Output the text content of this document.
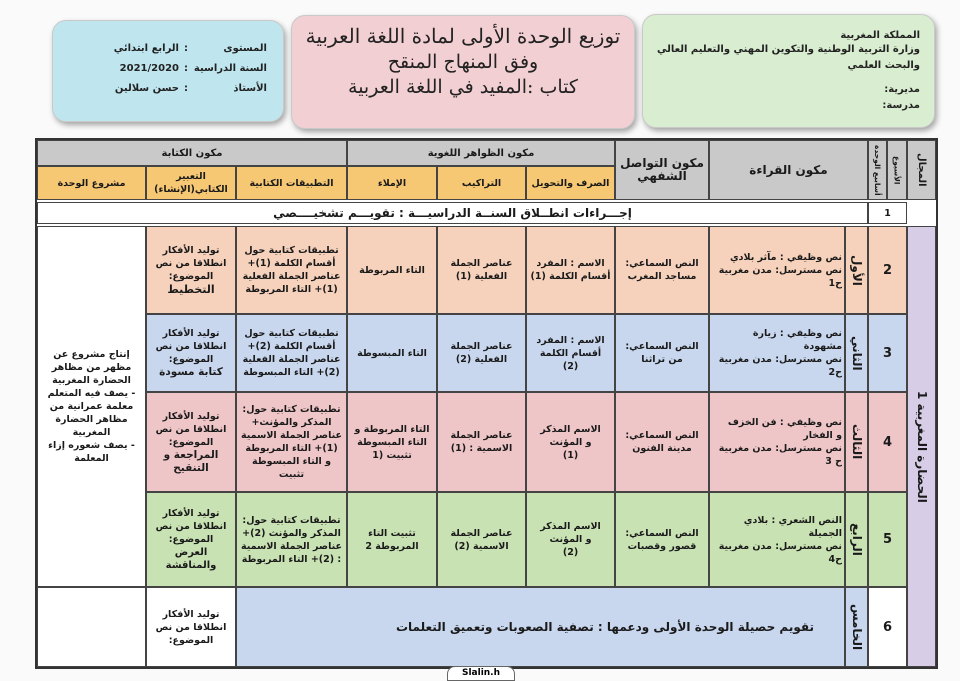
المستوى:الرابع ابتدائي
السنة الدراسية:2021/2020
الأستاذ:حسن سلالين
توزيع الوحدة الأولى لمادة اللغة العربية
وفق المنهاج المنقح
كتاب :المفيد في اللغة العربية
المملكة المغربية
وزارة التربية الوطنية والتكوين المهني والتعليم العالي
والبحث العلمي
مديرية:
مدرسة:
المجال
الأسبوع
أسابيع الوحدة
مكون القراءة
مكون التواصل الشفهي
مكون الظواهر اللغوية
مكون الكتابة
الصرف والتحويل
التراكيب
الإملاء
التطبيقات الكتابية
التعبير الكتابي(الإنشاء)
مشروع الوحدة
1
إجـــراءات انطــلاق السنــة الدراسيـــة : تقويـــم تشخيــــصي
الحضارة المغربية 1
إنتاج مشروع عن مظهر من مظاهر الحضارة المغربية
- يصف فيه المتعلم معلمة عمرانية من مظاهر الحضارة المغربية
- يصف شعوره إزاء المعلمة
2
الأول
نص وظيفي : مآثر بلادي
نص مسترسل: مدن مغربية
ح1
النص السماعي:
مساجد المغرب
الاسم : المفرد
أقسام الكلمة (1)
عناصر الجملة
الفعلية (1)
التاء المربوطة
تطبيقات كتابية حول
أقسام الكلمة (1)+
عناصر الجملة الفعلية
(1)+ التاء المربوطة
توليد الأفكار
انطلاقا من نص
الموضوع:
التخطيط
3
الثاني
نص وظيفي : زيارة مشهودة
نص مسترسل: مدن مغربية
ح2
النص السماعي:
من تراثنا
الاسم : المفرد
أقسام الكلمة
(2)
عناصر الجملة
الفعلية (2)
التاء المبسوطة
تطبيقات كتابية حول
أقسام الكلمة (2)+
عناصر الجملة الفعلية
(2)+ التاء المبسوطة
توليد الأفكار
انطلاقا من نص
الموضوع:
كتابة مسودة
4
الثالث
نص وظيفي : فن الخزف
و الفخار
نص مسترسل: مدن مغربية
ح 3
النص السماعي:
مدينة الفنون
الاسم المذكر
و المؤنث
(1)
عناصر الجملة
الاسمية : (1)
التاء المربوطة و
التاء المبسوطة
تثبيت (1
تطبيقات كتابية حول:
المذكر والمؤنث+
عناصر الجملة الاسمية
(1)+ التاء المربوطة
و التاء المبسوطة
تثبيت
توليد الأفكار
انطلاقا من نص
الموضوع:
المراجعة و
التنقيح
5
الرابع
النص الشعري : بلادي
الجميلة
نص مسترسل: مدن مغربية
ح4
النص السماعي:
قصور وقصبات
الاسم المذكر
و المؤنث
(2)
عناصر الجملة
الاسمية (2)
تثبيت التاء
المربوطة 2
تطبيقات كتابية حول:
المذكر والمؤنث (2)+
عناصر الجملة الاسمية
: (2)+ التاء المربوطة
توليد الأفكار
انطلاقا من نص
الموضوع:
العرض والمناقشة
6
الخامس
تقويم حصيلة الوحدة الأولى ودعمها : تصفية الصعوبات وتعميق التعلمات
توليد الأفكار
انطلاقا من نص
الموضوع:
Slalin.h
